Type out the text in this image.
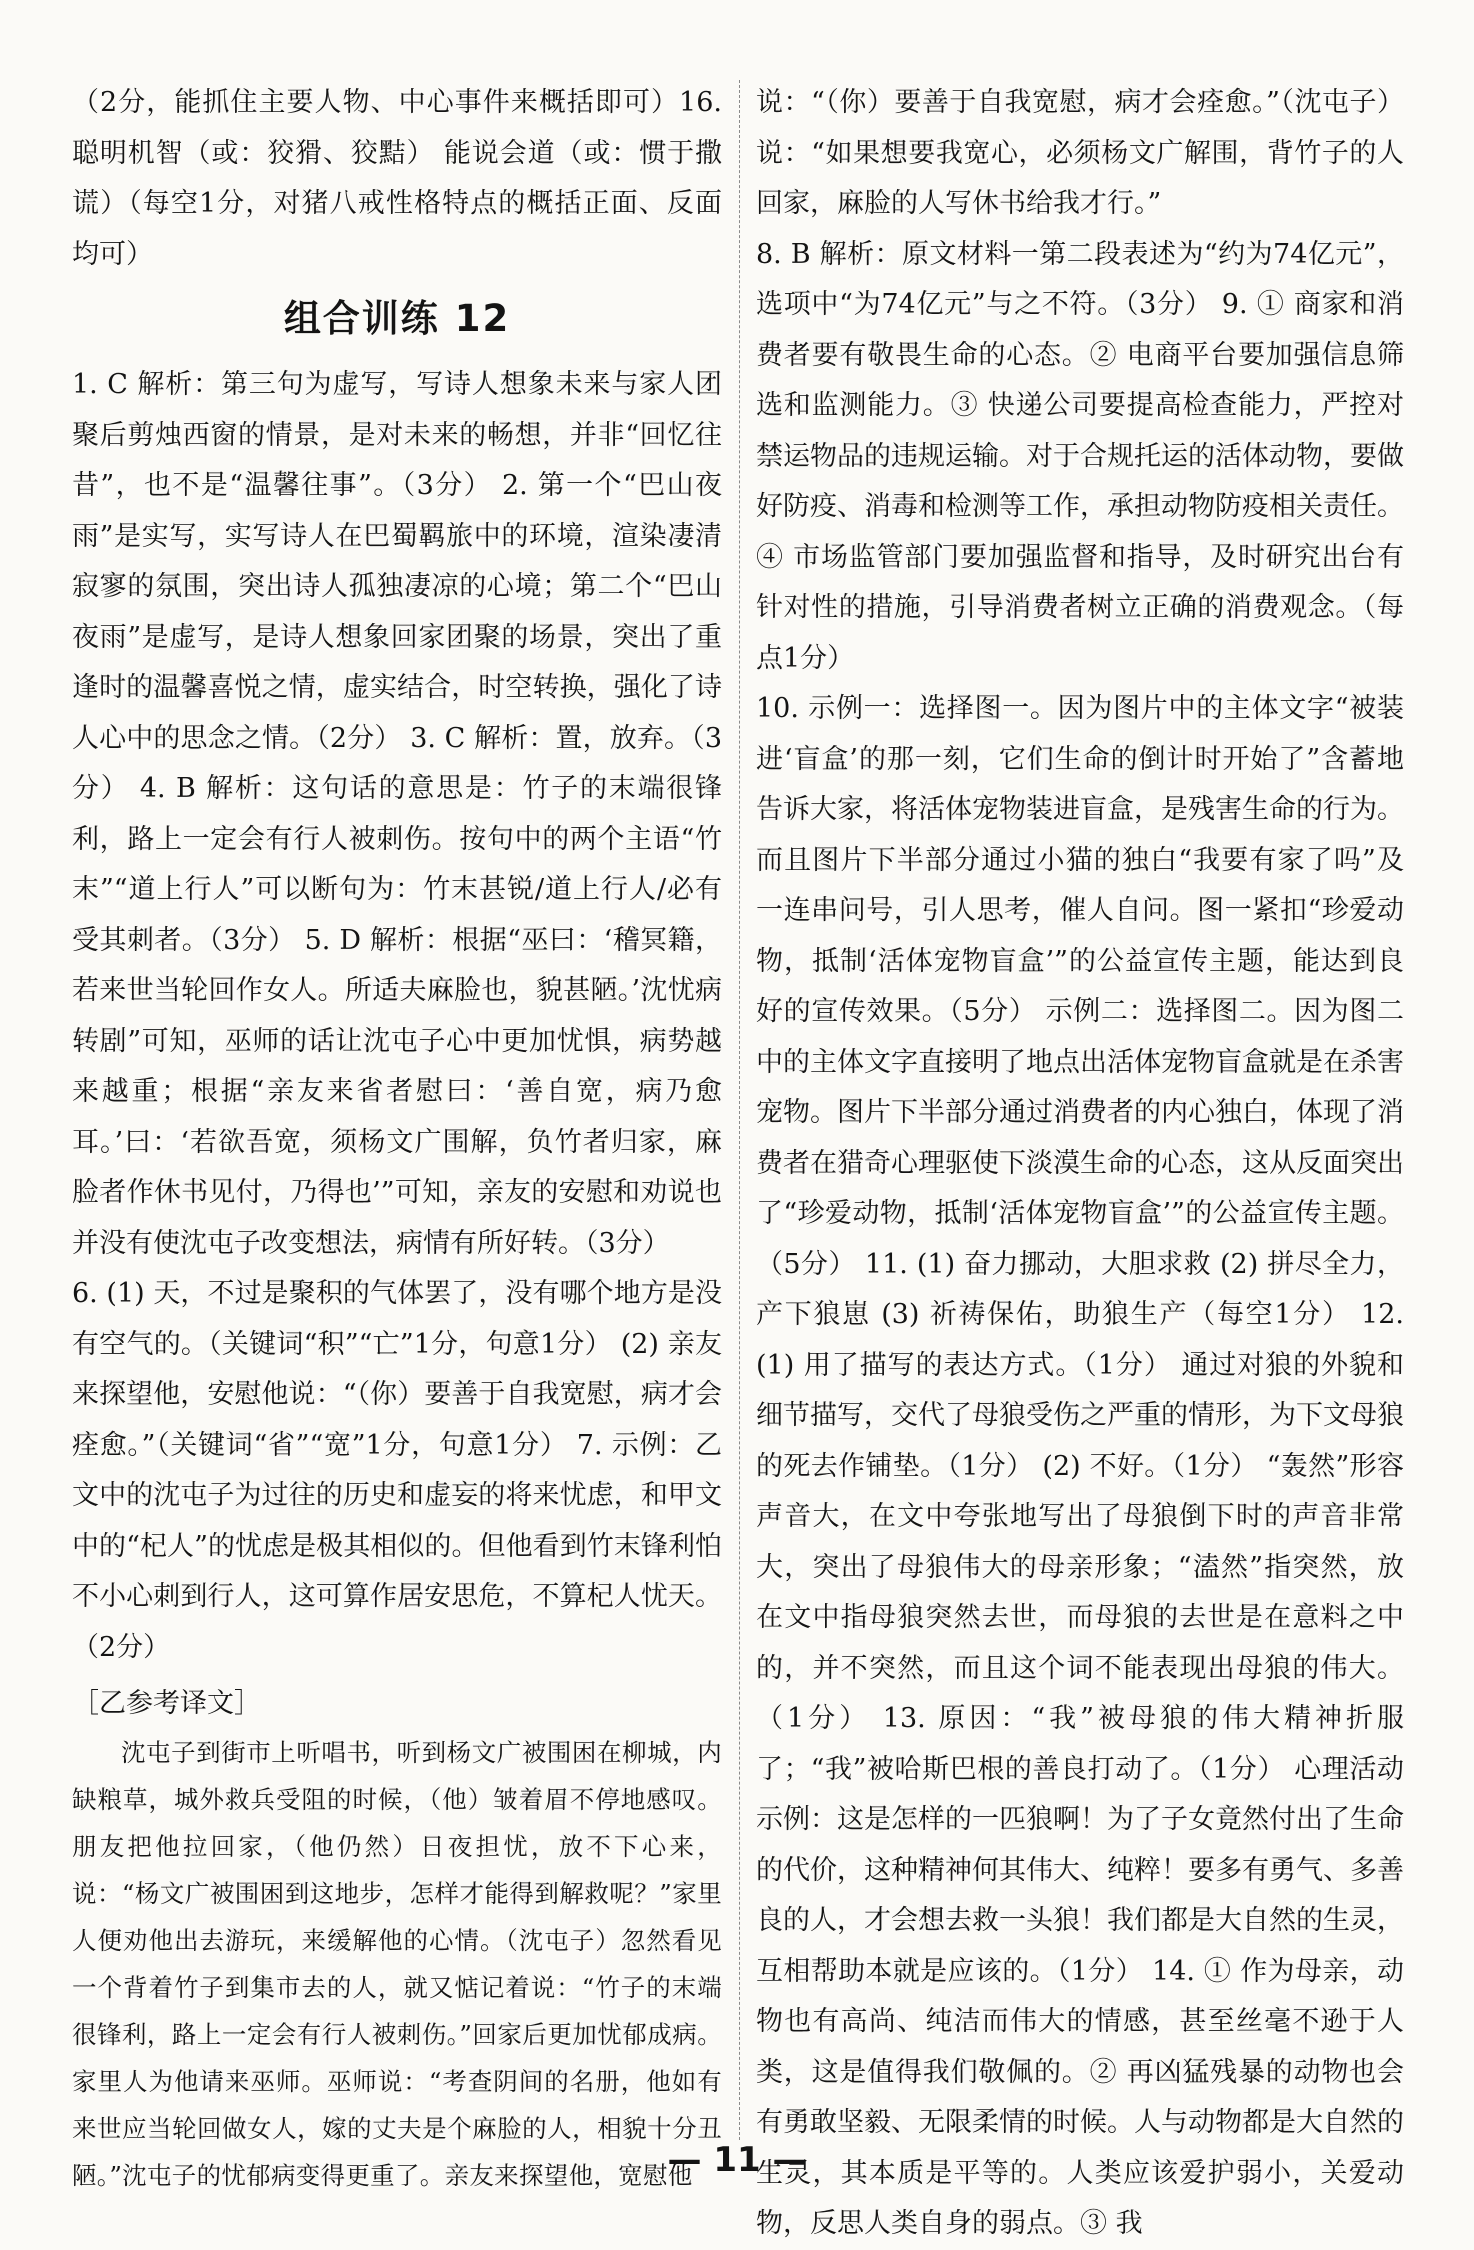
（2分，能抓住主要人物、中心事件来概括即可）16. 聪明机智（或：狡猾、狡黠） 能说会道（或：惯于撒谎）（每空1分，对猪八戒性格特点的概括正面、反面均可）

组合训练 12

1. C 解析：第三句为虚写，写诗人想象未来与家人团聚后剪烛西窗的情景，是对未来的畅想，并非“回忆往昔”，也不是“温馨往事”。（3分） 2. 第一个“巴山夜雨”是实写，实写诗人在巴蜀羁旅中的环境，渲染凄清寂寥的氛围，突出诗人孤独凄凉的心境；第二个“巴山夜雨”是虚写，是诗人想象回家团聚的场景，突出了重逢时的温馨喜悦之情，虚实结合，时空转换，强化了诗人心中的思念之情。（2分） 3. C 解析：置，放弃。（3分） 4. B 解析：这句话的意思是：竹子的末端很锋利，路上一定会有行人被刺伤。按句中的两个主语“竹末”“道上行人”可以断句为：竹末甚锐/道上行人/必有受其刺者。（3分） 5. D 解析：根据“巫曰：‘稽冥籍，若来世当轮回作女人。所适夫麻脸也，貌甚陋。’沈忧病转剧”可知，巫师的话让沈屯子心中更加忧惧，病势越来越重；根据“亲友来省者慰曰：‘善自宽，病乃愈耳。’曰：‘若欲吾宽，须杨文广围解，负竹者归家，麻脸者作休书见付，乃得也’”可知，亲友的安慰和劝说也并没有使沈屯子改变想法，病情有所好转。（3分）

6. (1) 天，不过是聚积的气体罢了，没有哪个地方是没有空气的。（关键词“积”“亡”1分，句意1分） (2) 亲友来探望他，安慰他说：“（你）要善于自我宽慰，病才会痊愈。”（关键词“省”“宽”1分，句意1分） 7. 示例：乙文中的沈屯子为过往的历史和虚妄的将来忧虑，和甲文中的“杞人”的忧虑是极其相似的。但他看到竹末锋利怕不小心刺到行人，这可算作居安思危，不算杞人忧天。（2分）

［乙参考译文］

沈屯子到街市上听唱书，听到杨文广被围困在柳城，内缺粮草，城外救兵受阻的时候，（他）皱着眉不停地感叹。朋友把他拉回家，（他仍然）日夜担忧，放不下心来，说：“杨文广被围困到这地步，怎样才能得到解救呢？”家里人便劝他出去游玩，来缓解他的心情。（沈屯子）忽然看见一个背着竹子到集市去的人，就又惦记着说：“竹子的末端很锋利，路上一定会有行人被刺伤。”回家后更加忧郁成病。家里人为他请来巫师。巫师说：“考查阴间的名册，他如有来世应当轮回做女人，嫁的丈夫是个麻脸的人，相貌十分丑陋。”沈屯子的忧郁病变得更重了。亲友来探望他，宽慰他

说：“（你）要善于自我宽慰，病才会痊愈。”（沈屯子）说：“如果想要我宽心，必须杨文广解围，背竹子的人回家，麻脸的人写休书给我才行。”

8. B 解析：原文材料一第二段表述为“约为74亿元”，选项中“为74亿元”与之不符。（3分） 9. ① 商家和消费者要有敬畏生命的心态。② 电商平台要加强信息筛选和监测能力。③ 快递公司要提高检查能力，严控对禁运物品的违规运输。对于合规托运的活体动物，要做好防疫、消毒和检测等工作，承担动物防疫相关责任。④ 市场监管部门要加强监督和指导，及时研究出台有针对性的措施，引导消费者树立正确的消费观念。（每点1分）

10. 示例一：选择图一。因为图片中的主体文字“被装进‘盲盒’的那一刻，它们生命的倒计时开始了”含蓄地告诉大家，将活体宠物装进盲盒，是残害生命的行为。而且图片下半部分通过小猫的独白“我要有家了吗”及一连串问号，引人思考，催人自问。图一紧扣“珍爱动物，抵制‘活体宠物盲盒’”的公益宣传主题，能达到良好的宣传效果。（5分） 示例二：选择图二。因为图二中的主体文字直接明了地点出活体宠物盲盒就是在杀害宠物。图片下半部分通过消费者的内心独白，体现了消费者在猎奇心理驱使下淡漠生命的心态，这从反面突出了“珍爱动物，抵制‘活体宠物盲盒’”的公益宣传主题。（5分） 11. (1) 奋力挪动，大胆求救 (2) 拼尽全力，产下狼崽 (3) 祈祷保佑，助狼生产（每空1分） 12. (1) 用了描写的表达方式。（1分） 通过对狼的外貌和细节描写，交代了母狼受伤之严重的情形，为下文母狼的死去作铺垫。（1分） (2) 不好。（1分） “轰然”形容声音大，在文中夸张地写出了母狼倒下时的声音非常大，突出了母狼伟大的母亲形象；“溘然”指突然，放在文中指母狼突然去世，而母狼的去世是在意料之中的，并不突然，而且这个词不能表现出母狼的伟大。（1分） 13. 原因：“我”被母狼的伟大精神折服了；“我”被哈斯巴根的善良打动了。（1分） 心理活动示例：这是怎样的一匹狼啊！为了子女竟然付出了生命的代价，这种精神何其伟大、纯粹！要多有勇气、多善良的人，才会想去救一头狼！我们都是大自然的生灵，互相帮助本就是应该的。（1分） 14. ① 作为母亲，动物也有高尚、纯洁而伟大的情感，甚至丝毫不逊于人类，这是值得我们敬佩的。② 再凶猛残暴的动物也会有勇敢坚毅、无限柔情的时候。人与动物都是大自然的生灵，其本质是平等的。人类应该爱护弱小，关爱动物，反思人类自身的弱点。③ 我

— 11 —
